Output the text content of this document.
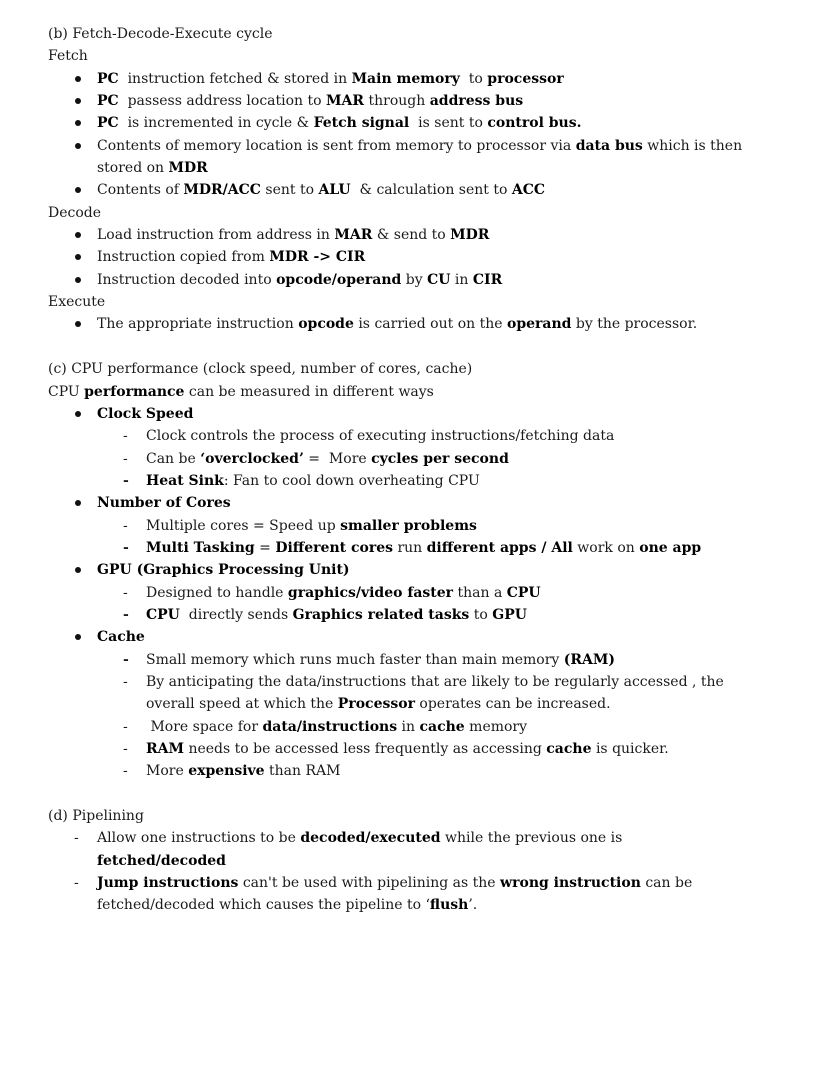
(b) Fetch-Decode-Execute cycle
Fetch
PC  instruction fetched & stored in Main memory  to processor
PC  passess address location to MAR through address bus
PC  is incremented in cycle & Fetch signal  is sent to control bus.
Contents of memory location is sent from memory to processor via data bus which is then
stored on MDR
Contents of MDR/ACC sent to ALU  & calculation sent to ACC
Decode
Load instruction from address in MAR & send to MDR
Instruction copied from MDR -> CIR
Instruction decoded into opcode/operand by CU in CIR
Execute
The appropriate instruction opcode is carried out on the operand by the processor.
(c) CPU performance (clock speed, number of cores, cache)
CPU performance can be measured in different ways
Clock Speed
- Clock controls the process of executing instructions/fetching data
- Can be ‘overclocked’ =  More cycles per second
- Heat Sink: Fan to cool down overheating CPU
Number of Cores
- Multiple cores = Speed up smaller problems
- Multi Tasking = Different cores run different apps / All work on one app
GPU (Graphics Processing Unit)
- Designed to handle graphics/video faster than a CPU
- CPU  directly sends Graphics related tasks to GPU
Cache
- Small memory which runs much faster than main memory (RAM)
- By anticipating the data/instructions that are likely to be regularly accessed , the
overall speed at which the Processor operates can be increased.
- More space for data/instructions in cache memory
- RAM needs to be accessed less frequently as accessing cache is quicker.
- More expensive than RAM
(d) Pipelining
- Allow one instructions to be decoded/executed while the previous one is
fetched/decoded
- Jump instructions can't be used with pipelining as the wrong instruction can be
fetched/decoded which causes the pipeline to ‘flush’.
